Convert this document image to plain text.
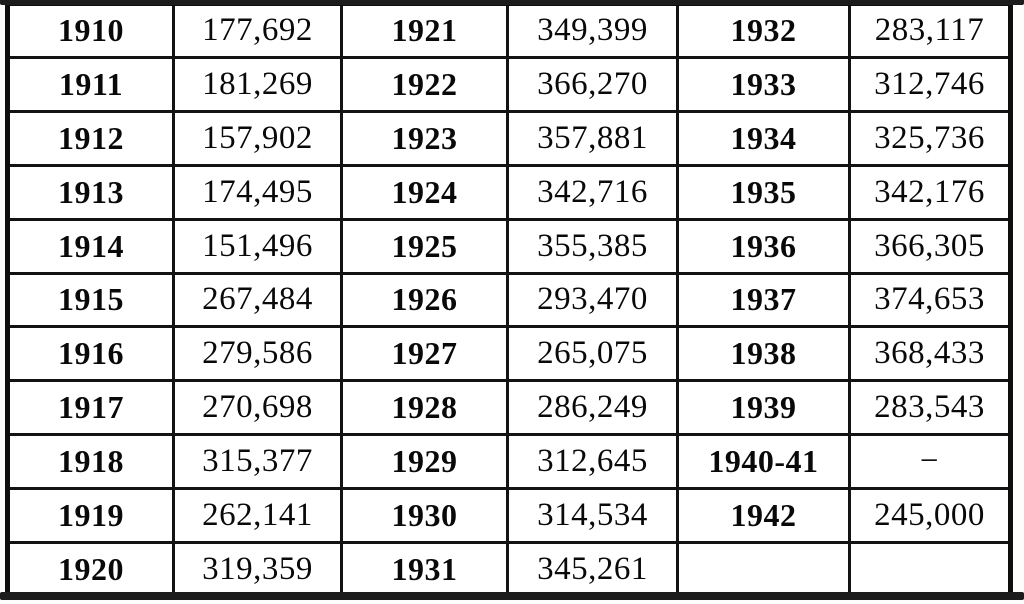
1910	177,692	1921	349,399	1932	283,117
1911	181,269	1922	366,270	1933	312,746
1912	157,902	1923	357,881	1934	325,736
1913	174,495	1924	342,716	1935	342,176
1914	151,496	1925	355,385	1936	366,305
1915	267,484	1926	293,470	1937	374,653
1916	279,586	1927	265,075	1938	368,433
1917	270,698	1928	286,249	1939	283,543
1918	315,377	1929	312,645	1940-41	−
1919	262,141	1930	314,534	1942	245,000
1920	319,359	1931	345,261		
